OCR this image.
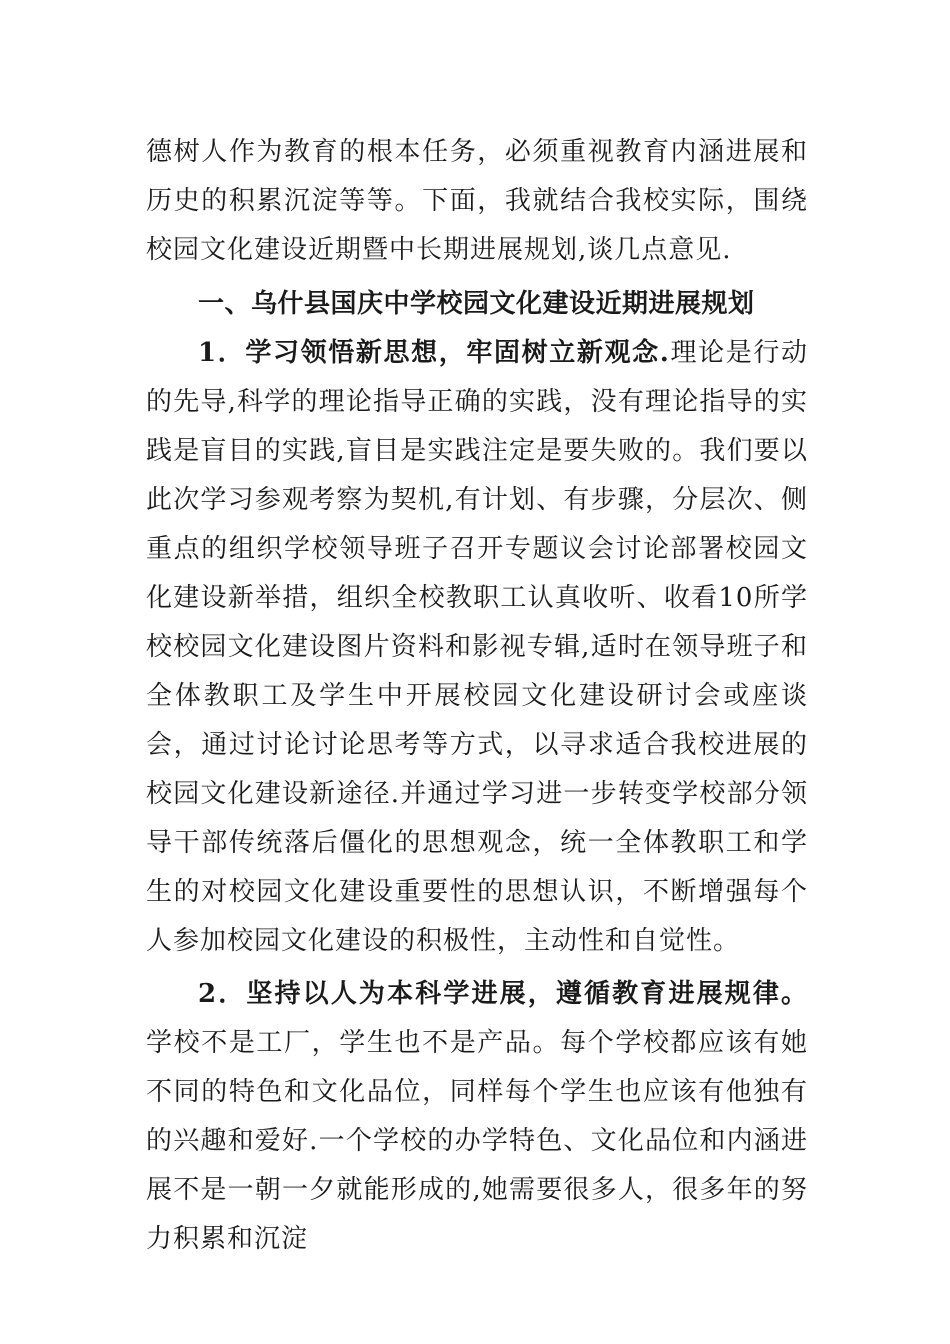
德树人作为教育的根本任务，必须重视教育内涵进展和历史的积累沉淀等等。下面，我就结合我校实际，围绕校园文化建设近期暨中长期进展规划,谈几点意见.

一、乌什县国庆中学校园文化建设近期进展规划

1．学习领悟新思想，牢固树立新观念.理论是行动的先导,科学的理论指导正确的实践，没有理论指导的实践是盲目的实践,盲目是实践注定是要失败的。我们要以此次学习参观考察为契机,有计划、有步骤，分层次、侧重点的组织学校领导班子召开专题议会讨论部署校园文化建设新举措，组织全校教职工认真收听、收看10所学校校园文化建设图片资料和影视专辑,适时在领导班子和全体教职工及学生中开展校园文化建设研讨会或座谈会，通过讨论讨论思考等方式，以寻求适合我校进展的校园文化建设新途径.并通过学习进一步转变学校部分领导干部传统落后僵化的思想观念，统一全体教职工和学生的对校园文化建设重要性的思想认识，不断增强每个人参加校园文化建设的积极性，主动性和自觉性。

2．坚持以人为本科学进展，遵循教育进展规律。学校不是工厂，学生也不是产品。每个学校都应该有她不同的特色和文化品位，同样每个学生也应该有他独有的兴趣和爱好.一个学校的办学特色、文化品位和内涵进展不是一朝一夕就能形成的,她需要很多人，很多年的努力积累和沉淀
